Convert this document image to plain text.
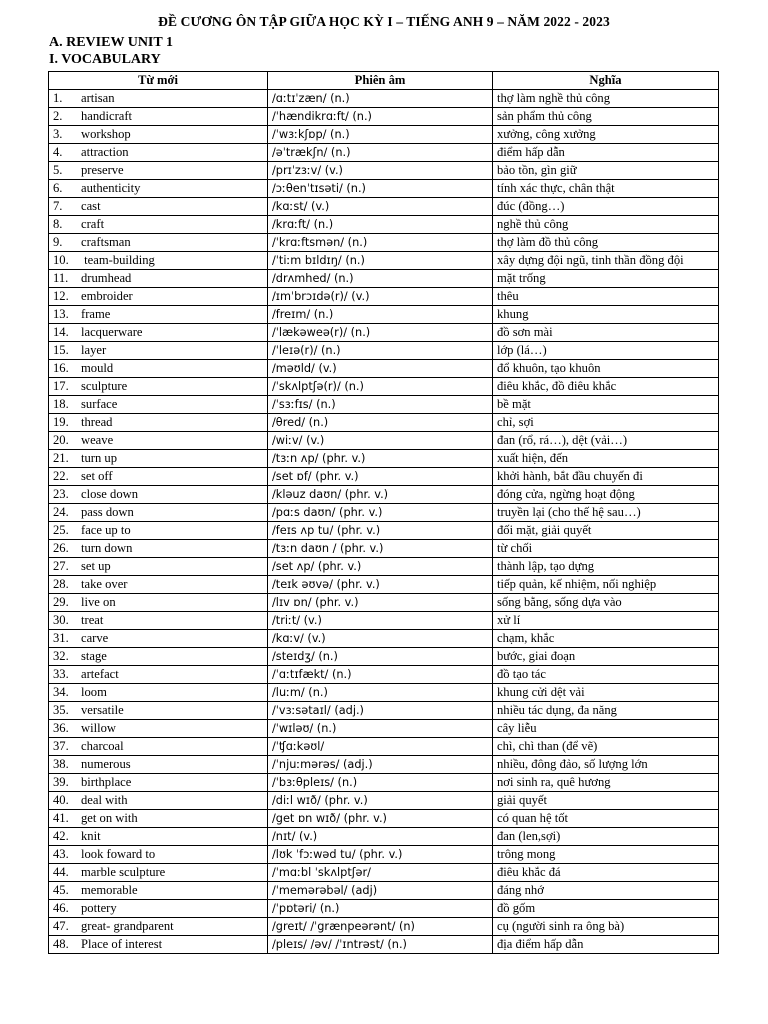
ĐỀ CƯƠNG ÔN TẬP GIỮA HỌC KỲ I – TIẾNG ANH 9 – NĂM 2022 - 2023
A. REVIEW UNIT 1
I. VOCABULARY
Từ mới	Phiên âm	Nghĩa
1. artisan	/ɑːtɪˈzæn/ (n.)	thợ làm nghề thủ công
2. handicraft	/ˈhændikrɑːft/ (n.)	sản phẩm thủ công
3. workshop	/ˈwɜːkʃɒp/ (n.)	xưởng, công xưởng
4. attraction	/əˈtrækʃn/ (n.)	điểm hấp dẫn
5. preserve	/prɪˈzɜːv/ (v.)	bảo tồn, gìn giữ
6. authenticity	/ɔːθenˈtɪsəti/ (n.)	tính xác thực, chân thật
7. cast	/kɑːst/ (v.)	đúc (đồng…)
8. craft	/krɑːft/ (n.)	nghề thủ công
9. craftsman	/ˈkrɑːftsmən/ (n.)	thợ làm đồ thủ công
10. team-building	/ˈtiːm bɪldɪŋ/ (n.)	xây dựng đội ngũ, tinh thần đồng đội
11. drumhead	/drʌmhed/ (n.)	mặt trống
12. embroider	/ɪmˈbrɔɪdə(r)/ (v.)	thêu
13. frame	/freɪm/ (n.)	khung
14. lacquerware	/ˈlækəweə(r)/ (n.)	đồ sơn mài
15. layer	/ˈleɪə(r)/ (n.)	lớp (lá…)
16. mould	/məʊld/ (v.)	đổ khuôn, tạo khuôn
17. sculpture	/ˈskʌlptʃə(r)/ (n.)	điêu khắc, đồ điêu khắc
18. surface	/ˈsɜːfɪs/ (n.)	bề mặt
19. thread	/θred/ (n.)	chỉ, sợi
20. weave	/wiːv/ (v.)	đan (rổ, rá…), dệt (vải…)
21. turn up	/tɜːn ʌp/ (phr. v.)	xuất hiện, đến
22. set off	/set ɒf/ (phr. v.)	khởi hành, bắt đầu chuyến đi
23. close down	/kləuz daʊn/ (phr. v.)	đóng cửa, ngừng hoạt động
24. pass down	/pɑːs daʊn/ (phr. v.)	truyền lại (cho thế hệ sau…)
25. face up to	/feɪs ʌp tu/ (phr. v.)	đối mặt, giải quyết
26. turn down	/tɜːn daʊn / (phr. v.)	từ chối
27. set up	/set ʌp/ (phr. v.)	thành lập, tạo dựng
28. take over	/teɪk əʊvə/ (phr. v.)	tiếp quản, kế nhiệm, nối nghiệp
29. live on	/lɪv ɒn/ (phr. v.)	sống bằng, sống dựa vào
30. treat	/triːt/ (v.)	xử lí
31. carve	/kɑːv/ (v.)	chạm, khắc
32. stage	/steɪdʒ/ (n.)	bước, giai đoạn
33. artefact	/ˈɑːtɪfækt/ (n.)	đồ tạo tác
34. loom	/luːm/ (n.)	khung cửi dệt vải
35. versatile	/ˈvɜːsətaɪl/ (adj.)	nhiều tác dụng, đa năng
36. willow	/ˈwɪləʊ/ (n.)	cây liễu
37. charcoal	/ˈʧɑːkəʊl/	chì, chì than (để vẽ)
38. numerous	/ˈnjuːmərəs/ (adj.)	nhiều, đông đảo, số lượng lớn
39. birthplace	/ˈbɜːθpleɪs/ (n.)	nơi sinh ra, quê hương
40. deal with	/diːl wɪð/ (phr. v.)	giải quyết
41. get on with	/get ɒn wɪð/ (phr. v.)	có quan hệ tốt
42. knit	/nɪt/ (v.)	đan (len,sợi)
43. look foward to	/lʊk ˈfɔːwəd tu/ (phr. v.)	trông mong
44. marble sculpture	/ˈmɑːbl ˈskʌlptʃər/	điêu khắc đá
45. memorable	/ˈmemərəbəl/ (adj)	đáng nhớ
46. pottery	/ˈpɒtəri/ (n.)	đồ gốm
47. great- grandparent	/greɪt/ /ˈgrænpeərənt/ (n)	cụ (người sinh ra ông bà)
48. Place of interest	/pleɪs/ /əv/ /ˈɪntrəst/ (n.)	địa điểm hấp dẫn
